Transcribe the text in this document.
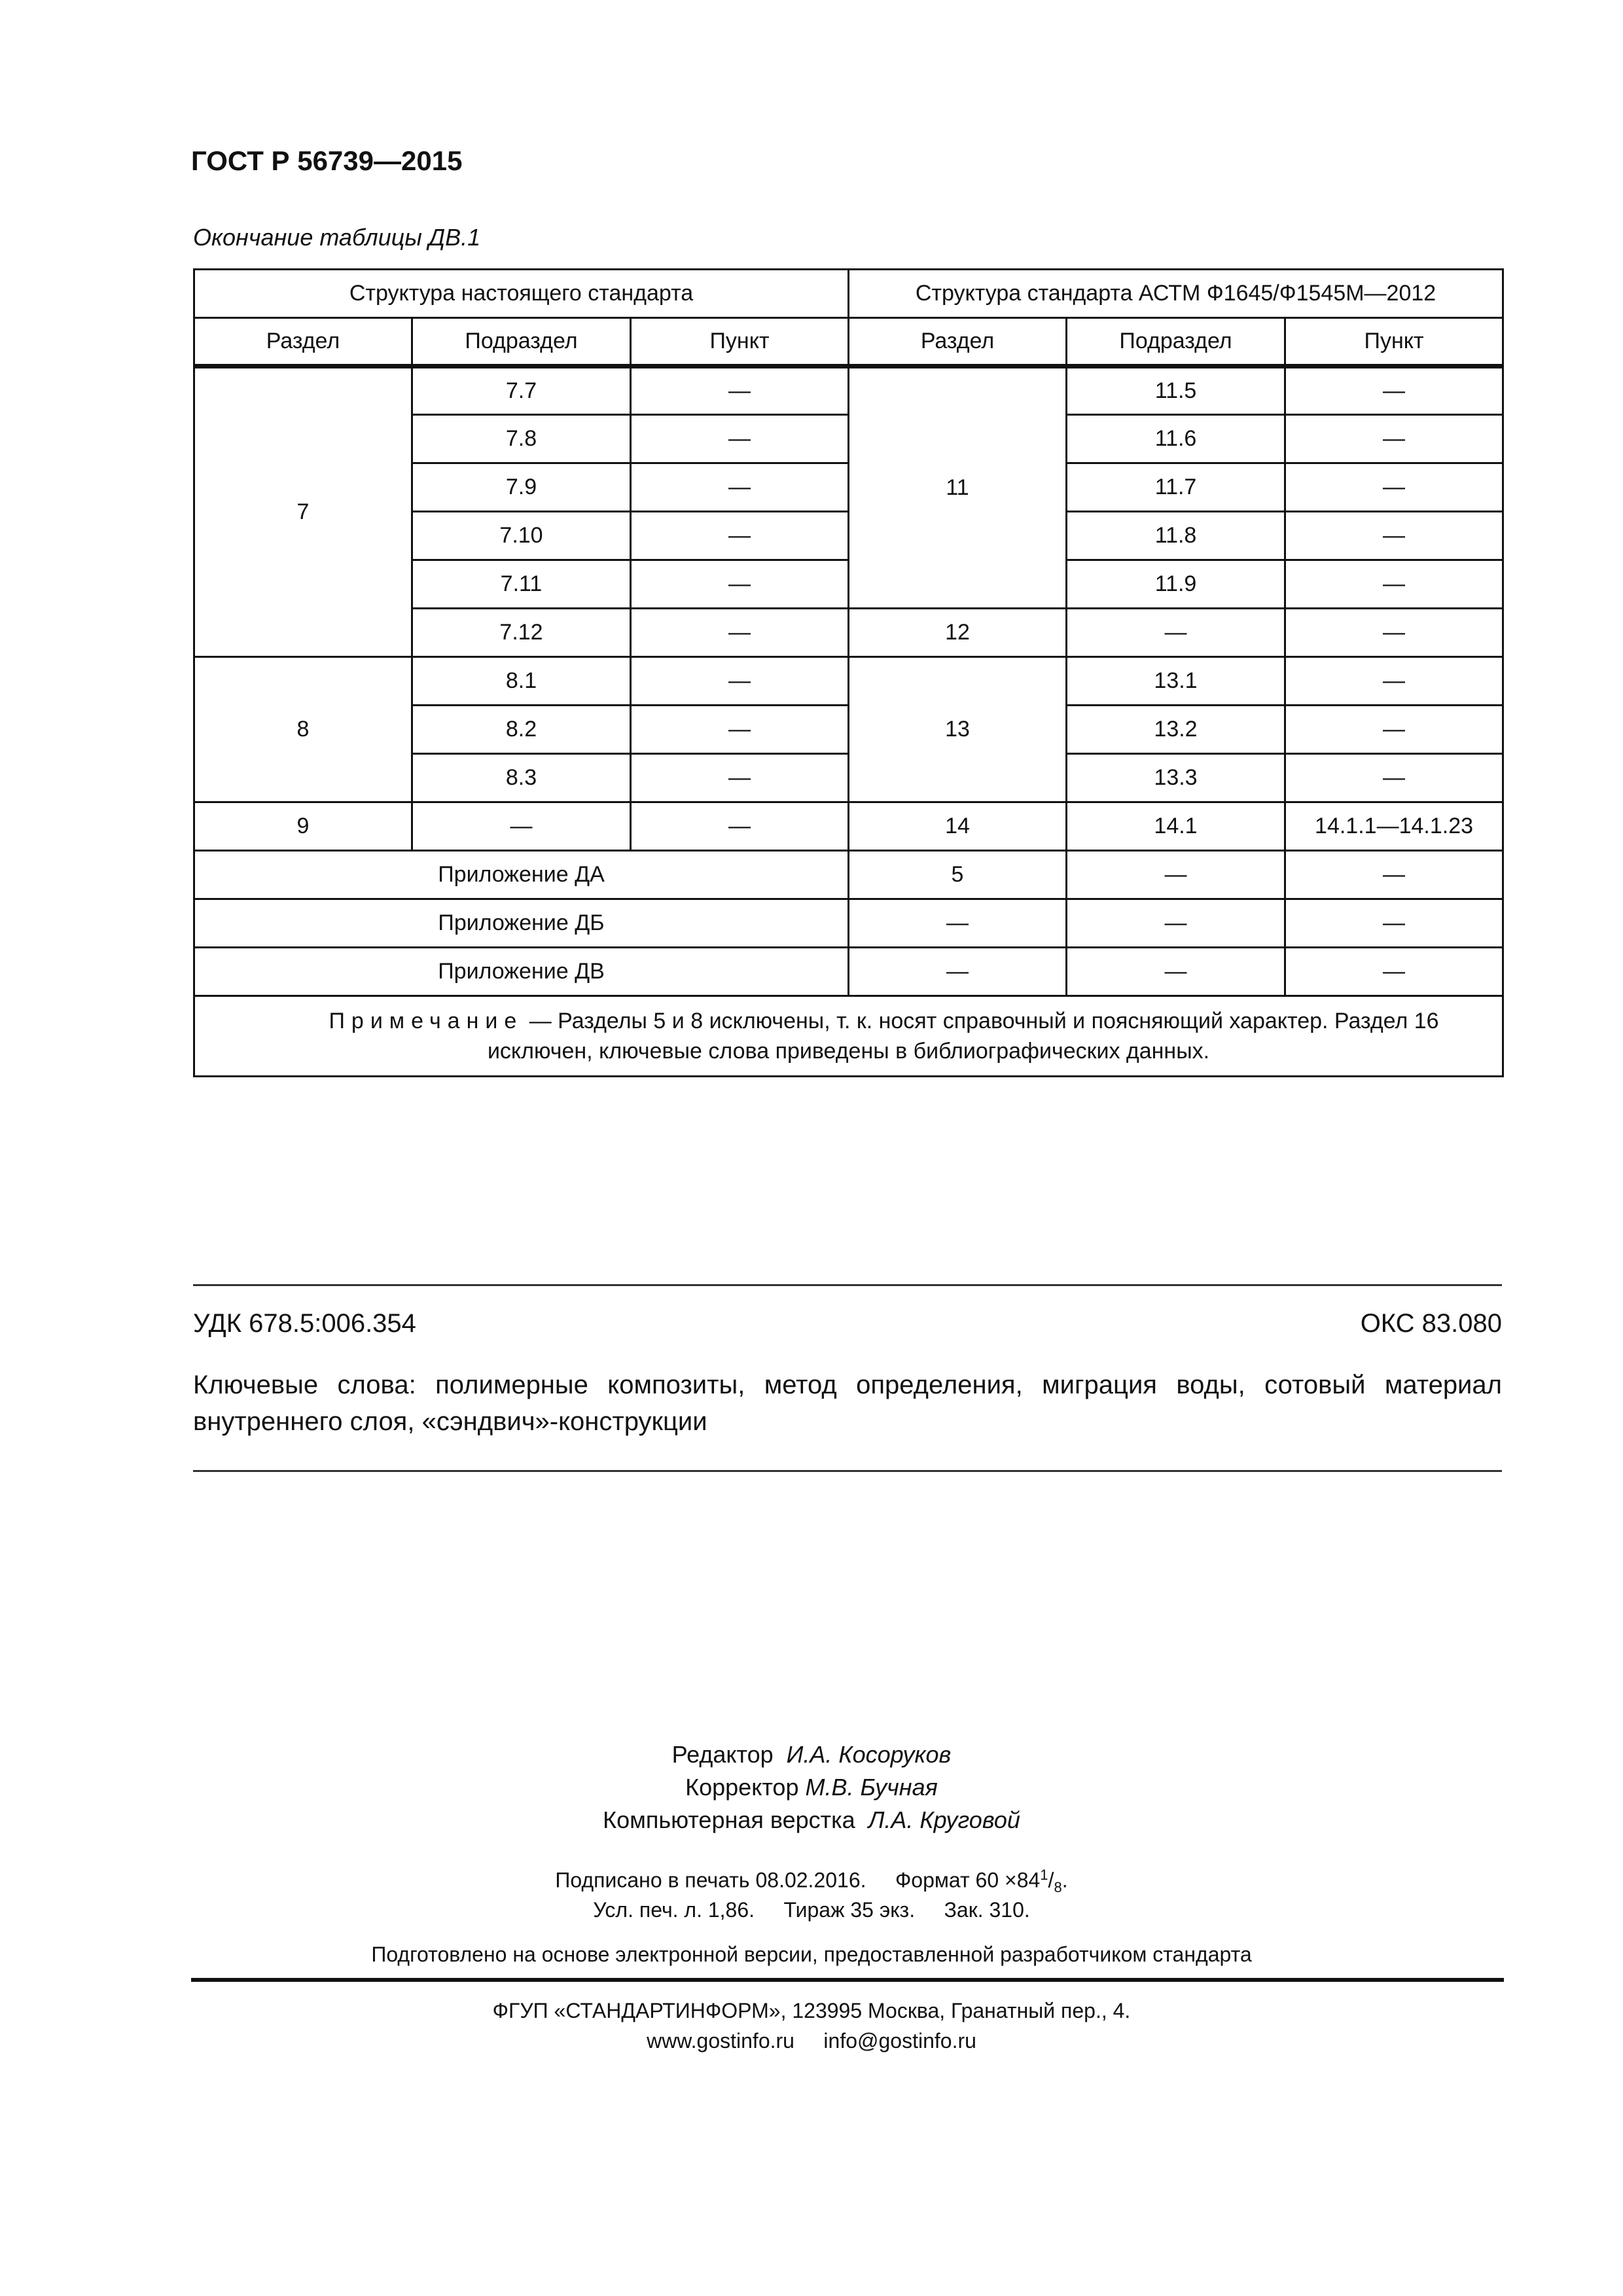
ГОСТ Р 56739—2015
Окончание таблицы ДВ.1
Структура настоящего стандарта			Структура стандарта АСТМ Ф1645/Ф1545М—2012		
Раздел	Подраздел	Пункт	Раздел	Подраздел	Пункт
7	7.7	—	11	11.5	—
	7.8	—		11.6	—
	7.9	—		11.7	—
	7.10	—		11.8	—
	7.11	—		11.9	—
	7.12	—	12	—	—
8	8.1	—	13	13.1	—
	8.2	—		13.2	—
	8.3	—		13.3	—
9	—	—	14	14.1	14.1.1—14.1.23
Приложение ДА			5	—	—
Приложение ДБ			—	—	—
Приложение ДВ			—	—	—
Примечание — Разделы 5 и 8 исключены, т. к. носят справочный и поясняющий характер. Раздел 16 исключен, ключевые слова приведены в библиографических данных.					
УДК 678.5:006.354	ОКС 83.080
Ключевые слова: полимерные композиты, метод определения, миграция воды, сотовый материал внутреннего слоя, «сэндвич»-конструкции
Редактор И.А. Косоруков
Корректор М.В. Бучная
Компьютерная верстка Л.А. Круговой
Подписано в печать 08.02.2016. Формат $60 \times 84^1/_8$.
Усл. печ. л. 1,86.     Тираж 35 экз.     Зак. 310.
Подготовлено на основе электронной версии, предоставленной разработчиком стандарта
ФГУП «СТАНДАРТИНФОРМ», 123995 Москва, Гранатный пер., 4.
www.gostinfo.ru info@gostinfo.ru
